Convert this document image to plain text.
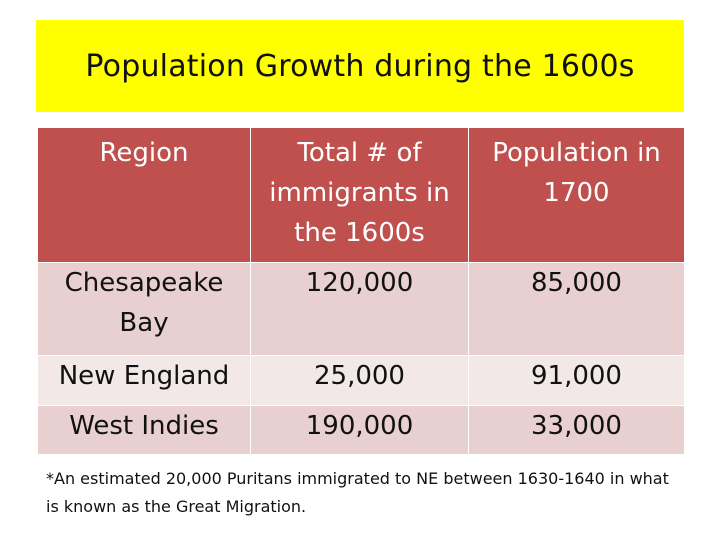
Population Growth during the 1600s
Region	Total # of immigrants in the 1600s	Population in 1700
Chesapeake Bay	120,000	85,000
New England	25,000	91,000
West Indies	190,000	33,000
*An estimated 20,000 Puritans immigrated to NE between 1630-1640 in what is known as the Great Migration.
